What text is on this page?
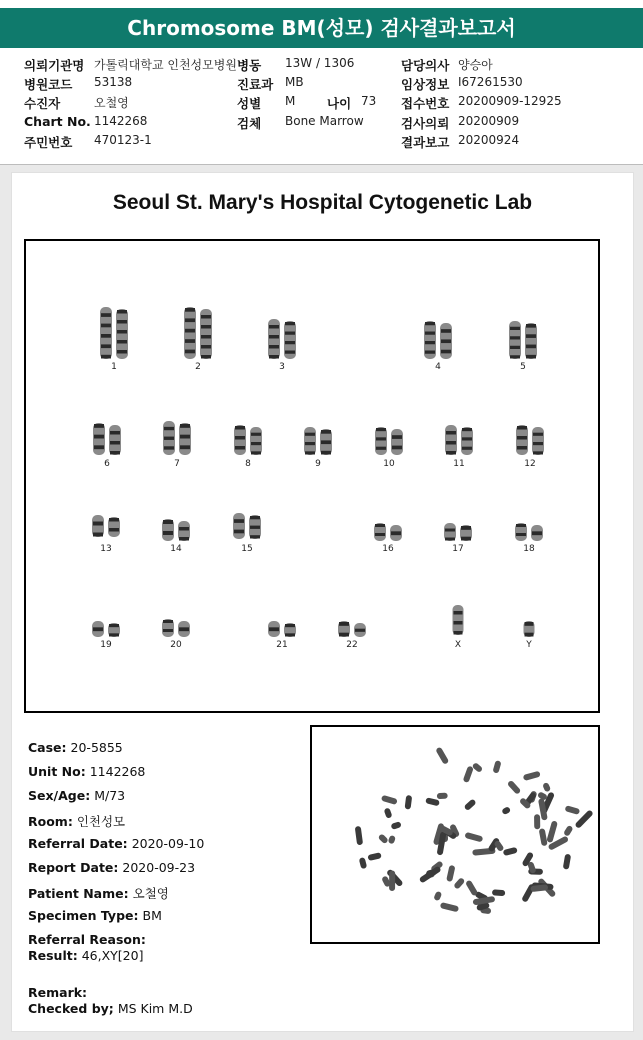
Chromosome BM(성모) 검사결과보고서
의뢰기관명 가톨릭대학교 인천성모병원
병원코드 53138
수진자	오철영
Chart No. 1142268
주민번호 470123-1
병동 13W / 1306
진료과 MB
성별 M	나이 73
검체 Bone Marrow
담당의사 양승아
임상정보 I67261530
접수번호 20200909-12925
검사의뢰 20200909
결과보고 20200924
Seoul St. Mary's Hospital Cytogenetic Lab
1	2	3	4	5
6	7	8	9	10	11	12
13	14	15	16	17	18
19	20	21	22	X	Y
Case: 20-5855
Unit No: 1142268
Sex/Age: M/73
Room: 인천성모
Referral Date: 2020-09-10
Report Date: 2020-09-23
Patient Name: 오철영
Specimen Type: BM
Referral Reason:
Result: 46,XY[20]
Remark:
Checked by; MS Kim M.D
